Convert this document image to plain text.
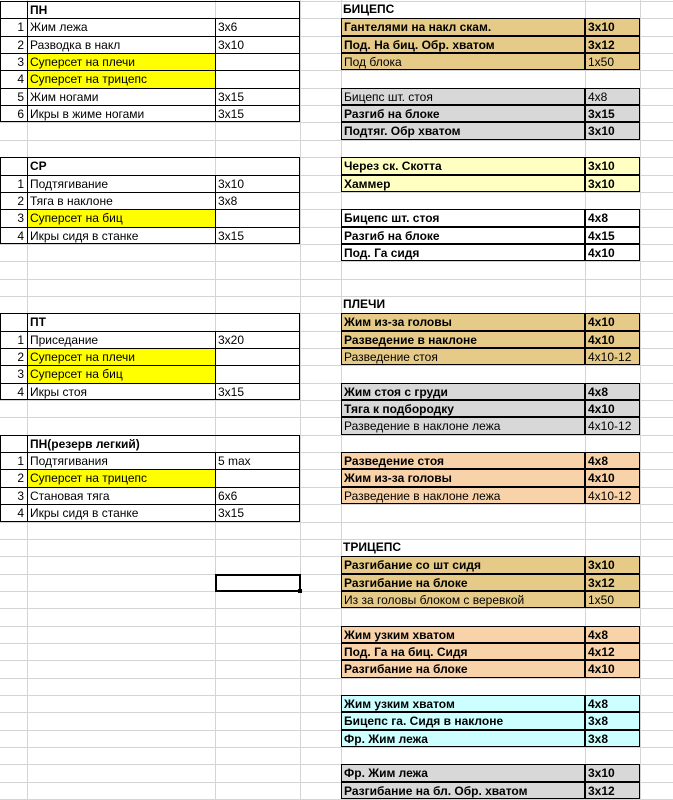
ПН
1 Жим лежа	3х6
2 Разводка в накл	3х10
3 Суперсет на плечи
4 Суперсет на трицепс
5 Жим ногами	3х15
6 Икры в жиме ногами	3х15
СР
1 Подтягивание	3х10
2 Тяга в наклоне	3х8
3 Суперсет на биц
4 Икры сидя в станке	3х15
ПТ
1 Приседание	3х20
2 Суперсет на плечи
3 Суперсет на биц
4 Икры стоя	3х15
ПН(резерв легкий)
1 Подтягивания	5 max
2 Суперсет на трицепс
3 Становая тяга	6х6
4 Икры сидя в станке	3х15
БИЦЕПС
Гантелями на накл скам.	3х10
Под. На биц. Обр. хватом	3х12
Под блока	1х50
Бицепс шт. стоя	4х8
Разгиб на блоке	3х15
Подтяг. Обр хватом	3х10
Через ск. Скотта	3х10
Хаммер	3х10
Бицепс шт. стоя	4х8
Разгиб на блоке	4х15
Под. Га сидя	4х10
ПЛЕЧИ
Жим из-за головы	4х10
Разведение в наклоне	4х10
Разведение стоя	4х10-12
Жим стоя с груди	4х8
Тяга к подбородку	4х10
Разведение в наклоне лежа	4х10-12
Разведение стоя	4х8
Жим из-за головы	4х10
Разведение в наклоне лежа	4х10-12
ТРИЦЕПС
Разгибание со шт сидя	3х10
Разгибание на блоке	3х12
Из за головы блоком с веревкой	1х50
Жим узким хватом	4х8
Под. Га на биц. Сидя	4х12
Разгибание на блоке	4х10
Жим узким хватом	4х8
Бицепс га. Сидя в наклоне	3х8
Фр. Жим лежа	3х8
Фр. Жим лежа	3х10
Разгибание на бл. Обр. хватом	3х12
